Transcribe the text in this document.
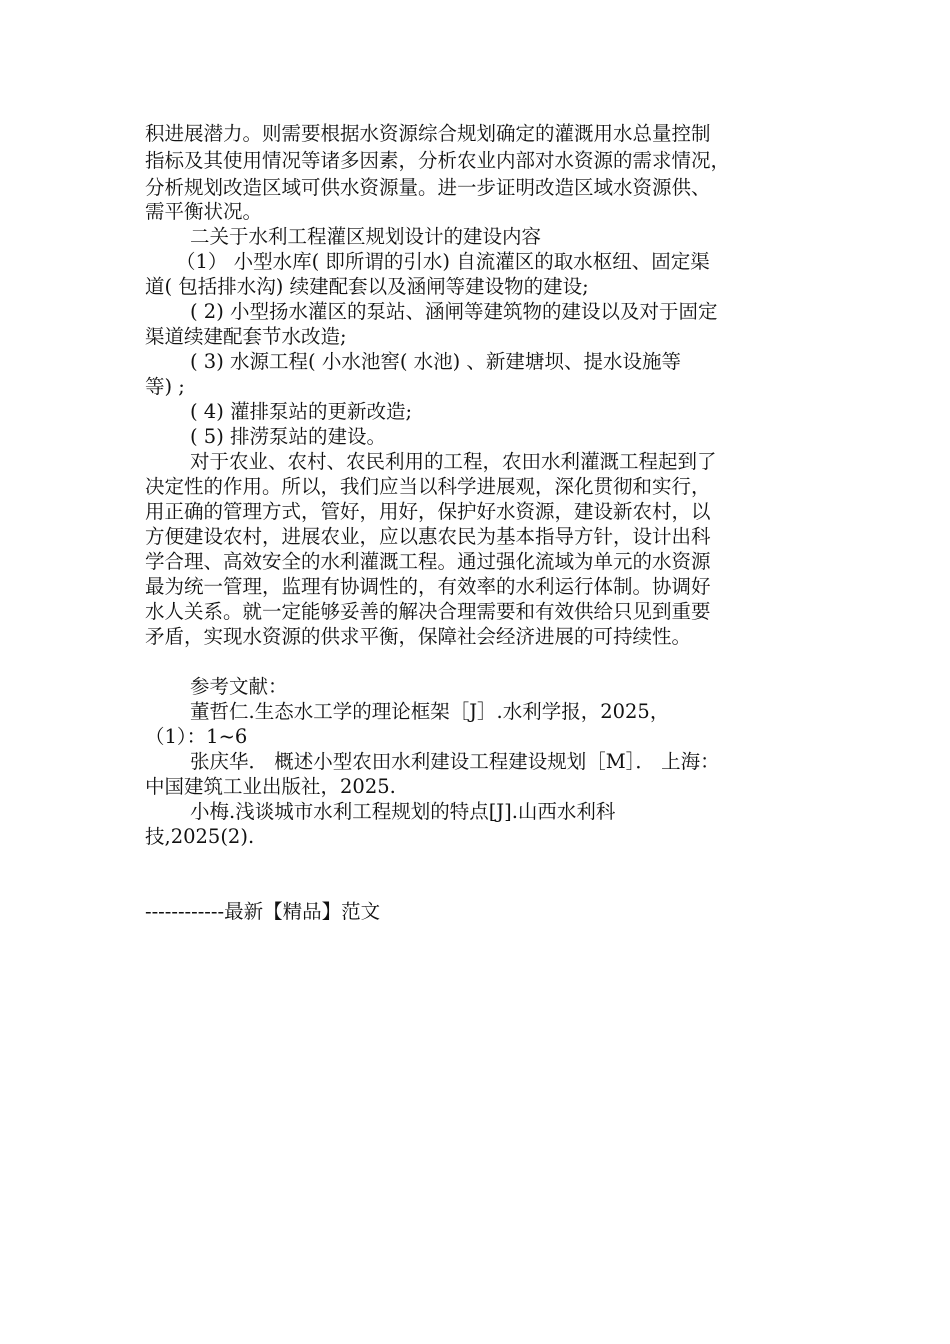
积进展潜力。则需要根据水资源综合规划确定的灌溉用水总量控制
指标及其使用情况等诸多因素，分析农业内部对水资源的需求情况，
分析规划改造区域可供水资源量。进一步证明改造区域水资源供、
需平衡状况。
二关于水利工程灌区规划设计的建设内容
（1） 小型水库( 即所谓的引水) 自流灌区的取水枢纽、固定渠
道( 包括排水沟) 续建配套以及涵闸等建设物的建设;
( 2) 小型扬水灌区的泵站、涵闸等建筑物的建设以及对于固定
渠道续建配套节水改造;
( 3) 水源工程( 小水池窖( 水池) 、新建塘坝、提水设施等
等) ;
( 4) 灌排泵站的更新改造;
( 5) 排涝泵站的建设。
对于农业、农村、农民利用的工程，农田水利灌溉工程起到了
决定性的作用。所以，我们应当以科学进展观，深化贯彻和实行，
用正确的管理方式，管好，用好，保护好水资源，建设新农村，以
方便建设农村，进展农业，应以惠农民为基本指导方针，设计出科
学合理、高效安全的水利灌溉工程。通过强化流域为单元的水资源
最为统一管理，监理有协调性的，有效率的水利运行体制。协调好
水人关系。就一定能够妥善的解决合理需要和有效供给只见到重要
矛盾，实现水资源的供求平衡，保障社会经济进展的可持续性。
参考文献：
董哲仁.生态水工学的理论框架［J］.水利学报，2025，
（1）：1~6
张庆华． 概述小型农田水利建设工程建设规划［M］． 上海：
中国建筑工业出版社，2025.
小梅.浅谈城市水利工程规划的特点[J].山西水利科
技,2025(2).
------------最新【精品】范文
